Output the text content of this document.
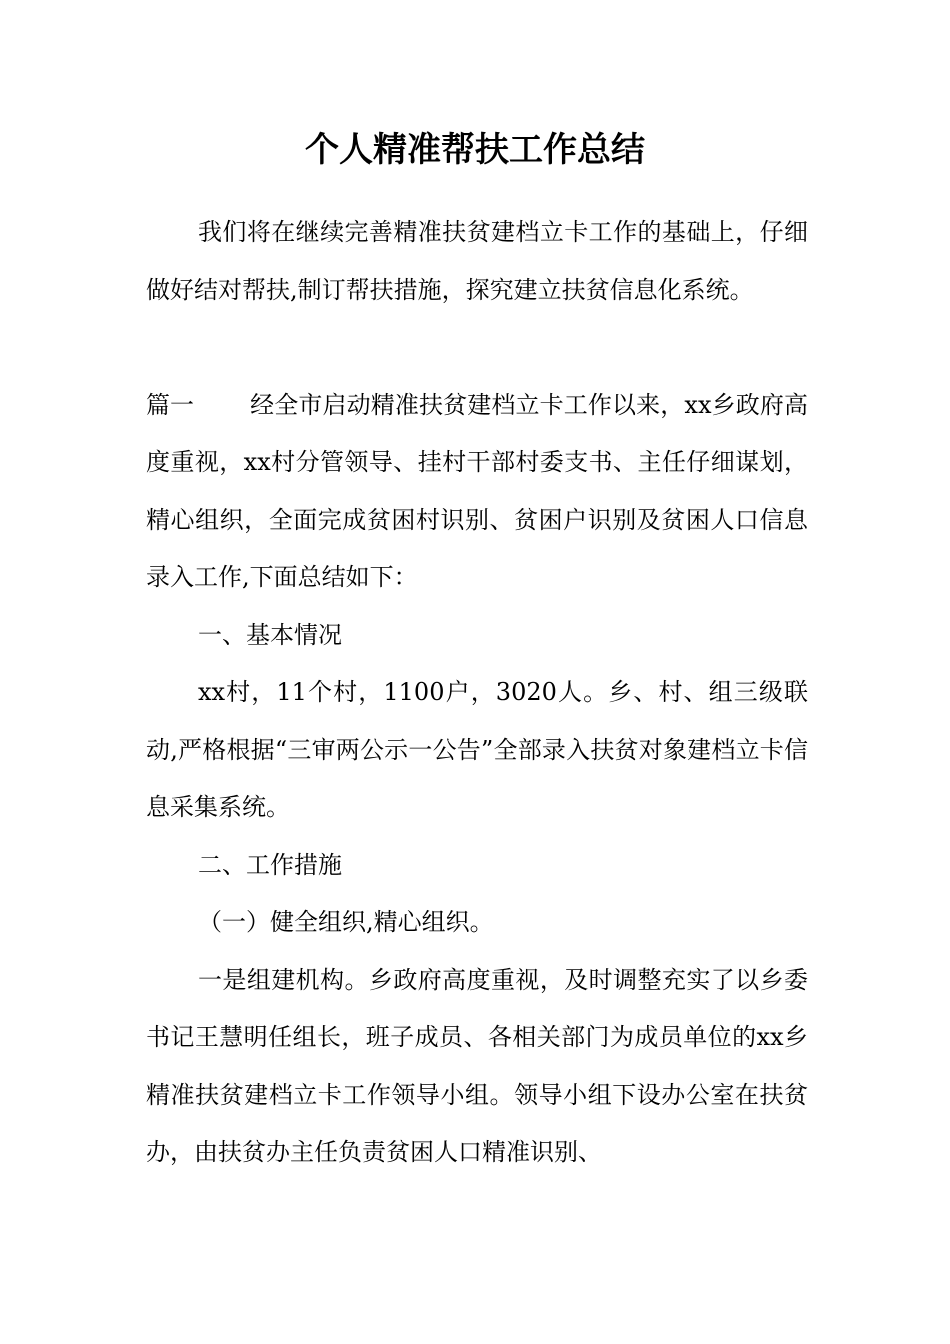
个人精准帮扶工作总结

我们将在继续完善精准扶贫建档立卡工作的基础上，仔细做好结对帮扶,制订帮扶措施，探究建立扶贫信息化系统。

篇一 经全市启动精准扶贫建档立卡工作以来，xx乡政府高度重视，xx村分管领导、挂村干部村委支书、主任仔细谋划，精心组织，全面完成贫困村识别、贫困户识别及贫困人口信息录入工作,下面总结如下：

一、基本情况

xx村，11个村，1100户，3020人。乡、村、组三级联动,严格根据“三审两公示一公告”全部录入扶贫对象建档立卡信息采集系统。

二、工作措施

（一）健全组织,精心组织。

一是组建机构。乡政府高度重视，及时调整充实了以乡委书记王慧明任组长，班子成员、各相关部门为成员单位的xx乡精准扶贫建档立卡工作领导小组。领导小组下设办公室在扶贫办，由扶贫办主任负责贫困人口精准识别、
